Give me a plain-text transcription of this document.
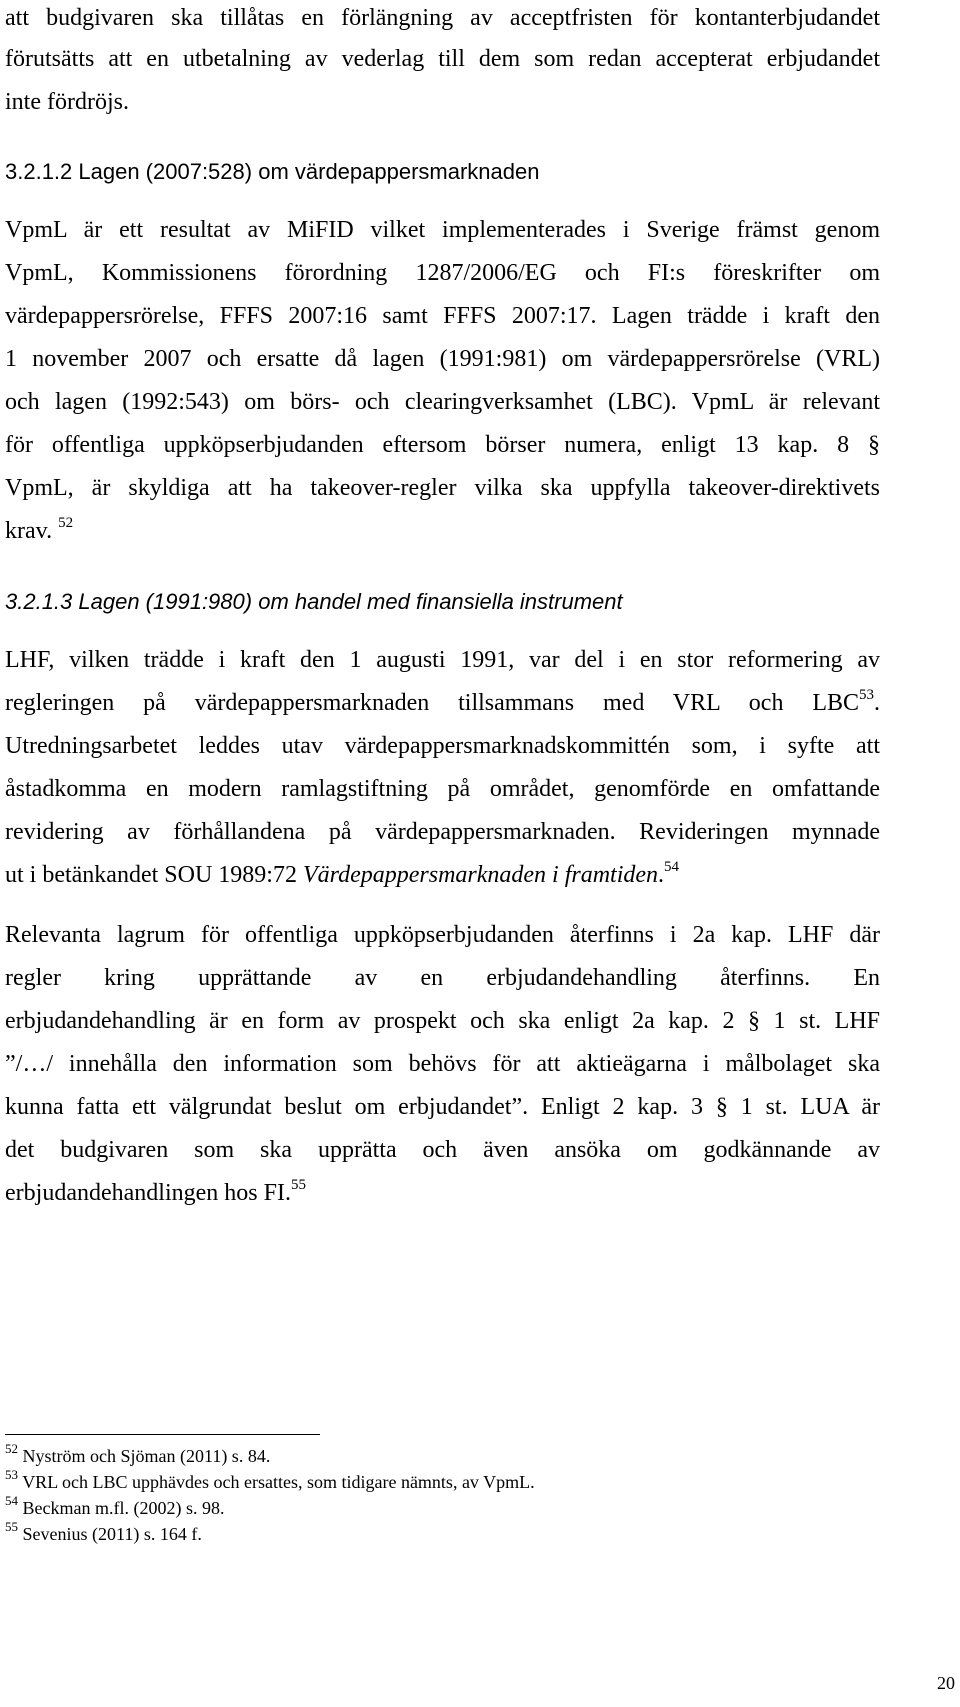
att budgivaren ska tillåtas en förlängning av acceptfristen för kontanterbjudandet
förutsätts att en utbetalning av vederlag till dem som redan accepterat erbjudandet
inte fördröjs.
3.2.1.2 Lagen (2007:528) om värdepappersmarknaden
VpmL är ett resultat av MiFID vilket implementerades i Sverige främst genom
VpmL, Kommissionens förordning 1287/2006/EG och FI:s föreskrifter om
värdepappersrörelse, FFFS 2007:16 samt FFFS 2007:17. Lagen trädde i kraft den
1 november 2007 och ersatte då lagen (1991:981) om värdepappersrörelse (VRL)
och lagen (1992:543) om börs- och clearingverksamhet (LBC). VpmL är relevant
för offentliga uppköpserbjudanden eftersom börser numera, enligt 13 kap. 8 §
VpmL, är skyldiga att ha takeover-regler vilka ska uppfylla takeover-direktivets
krav. $^{52}$
3.2.1.3 Lagen (1991:980) om handel med finansiella instrument
LHF, vilken trädde i kraft den 1 augusti 1991, var del i en stor reformering av
regleringen på värdepappersmarknaden tillsammans med VRL och LBC$^{53}$.
Utredningsarbetet leddes utav värdepappersmarknadskommittén som, i syfte att
åstadkomma en modern ramlagstiftning på området, genomförde en omfattande
revidering av förhållandena på värdepappersmarknaden. Revideringen mynnade
ut i betänkandet SOU 1989:72 Värdepappersmarknaden i framtiden.$^{54}$
Relevanta lagrum för offentliga uppköpserbjudanden återfinns i 2a kap. LHF där
regler kring upprättande av en erbjudandehandling återfinns. En
erbjudandehandling är en form av prospekt och ska enligt 2a kap. 2 § 1 st. LHF
”/…/ innehålla den information som behövs för att aktieägarna i målbolaget ska
kunna fatta ett välgrundat beslut om erbjudandet”. Enligt 2 kap. 3 § 1 st. LUA är
det budgivaren som ska upprätta och även ansöka om godkännande av
erbjudandehandlingen hos FI.$^{55}$
$^{52}$ Nyström och Sjöman (2011) s. 84.
$^{53}$ VRL och LBC upphävdes och ersattes, som tidigare nämnts, av VpmL.
$^{54}$ Beckman m.fl. (2002) s. 98.
$^{55}$ Sevenius (2011) s. 164 f.
20
